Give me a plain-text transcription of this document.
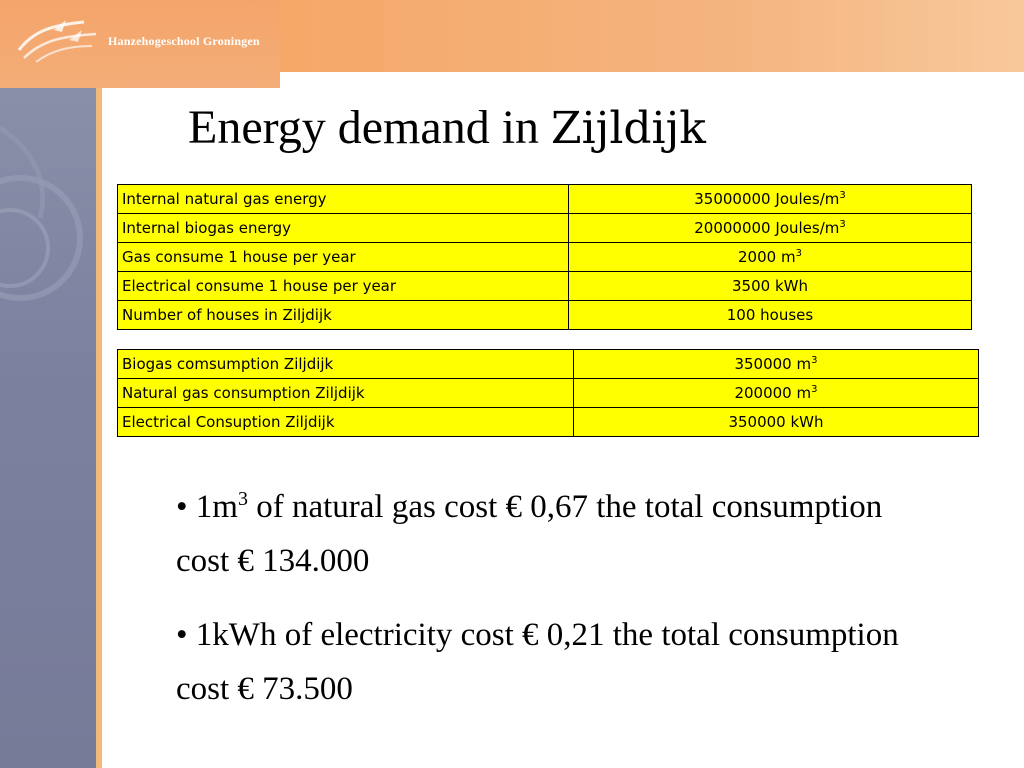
Hanzehogeschool Groningen
Energy demand in Zijldijk
Internal natural gas energy	35000000 Joules/$m^3$
Internal biogas energy	20000000 Joules/$m^3$
Gas consume 1 house per year	2000 $m^3$
Electrical consume 1 house per year	3500 kWh
Number of houses in Ziljdijk	100 houses
Biogas comsumption Ziljdijk	350000 $m^3$
Natural gas consumption Ziljdijk	200000 $m^3$
Electrical Consuption Ziljdijk	350000 kWh

• $1m^3$ of natural gas cost € 0,67 the total consumption cost € 134.000

• 1kWh of electricity cost € 0,21 the total consumption cost € 73.500
